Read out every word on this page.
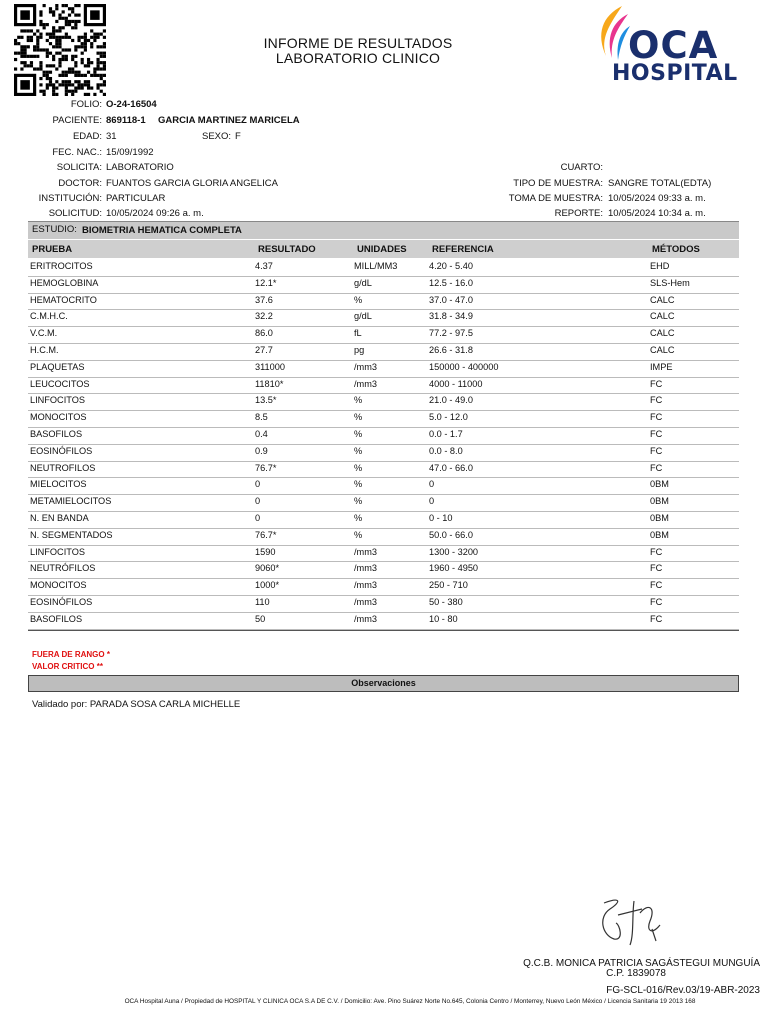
INFORME DE RESULTADOS
LABORATORIO CLINICO	OCA
HOSPITAL
FOLIO: O-24-16504
PACIENTE: 869118-1 GARCIA MARTINEZ MARICELA
EDAD: 31	SEXO: F
FEC. NAC.: 15/09/1992
SOLICITA: LABORATORIO
DOCTOR: FUANTOS GARCIA GLORIA ANGELICA
INSTITUCIÓN: PARTICULAR
SOLICITUD: 10/05/2024 09:26 a. m.
CUARTO:
TIPO DE MUESTRA: SANGRE TOTAL(EDTA)
TOMA DE MUESTRA: 10/05/2024 09:33 a. m.
REPORTE: 10/05/2024 10:34 a. m.
ESTUDIO: BIOMETRIA HEMATICA COMPLETA
PRUEBA	RESULTADO	UNIDADES	REFERENCIA	MÉTODOS
ERITROCITOS	4.37	MILL/MM3	4.20 - 5.40	EHD
HEMOGLOBINA	12.1*	g/dL	12.5 - 16.0	SLS-Hem
HEMATOCRITO	37.6	%	37.0 - 47.0	CALC
C.M.H.C.	32.2	g/dL	31.8 - 34.9	CALC
V.C.M.	86.0	fL	77.2 - 97.5	CALC
H.C.M.	27.7	pg	26.6 - 31.8	CALC
PLAQUETAS	311000	/mm3	150000 - 400000	IMPE
LEUCOCITOS	11810*	/mm3	4000 - 11000	FC
LINFOCITOS	13.5*	%	21.0 - 49.0	FC
MONOCITOS	8.5	%	5.0 - 12.0	FC
BASOFILOS	0.4	%	0.0 - 1.7	FC
EOSINÓFILOS	0.9	%	0.0 - 8.0	FC
NEUTROFILOS	76.7*	%	47.0 - 66.0	FC
MIELOCITOS	0	%	0	0BM
METAMIELOCITOS	0	%	0	0BM
N. EN BANDA	0	%	0 - 10	0BM
N. SEGMENTADOS	76.7*	%	50.0 - 66.0	0BM
LINFOCITOS	1590	/mm3	1300 - 3200	FC
NEUTRÓFILOS	9060*	/mm3	1960 - 4950	FC
MONOCITOS	1000*	/mm3	250 - 710	FC
EOSINÓFILOS	110	/mm3	50 - 380	FC
BASOFILOS	50	/mm3	10 - 80	FC
FUERA DE RANGO *
VALOR CRITICO **
Observaciones
Validado por: PARADA SOSA CARLA MICHELLE
Q.C.B. MONICA PATRICIA SAGÁSTEGUI MUNGUÍA
C.P. 1839078
FG-SCL-016/Rev.03/19-ABR-2023
OCA Hospital Auna / Propiedad de HOSPITAL Y CLINICA OCA S.A DE C.V. / Domicilio: Ave. Pino Suárez Norte No.645, Colonia Centro / Monterrey, Nuevo León México / Licencia Sanitaria 19 2013 168
